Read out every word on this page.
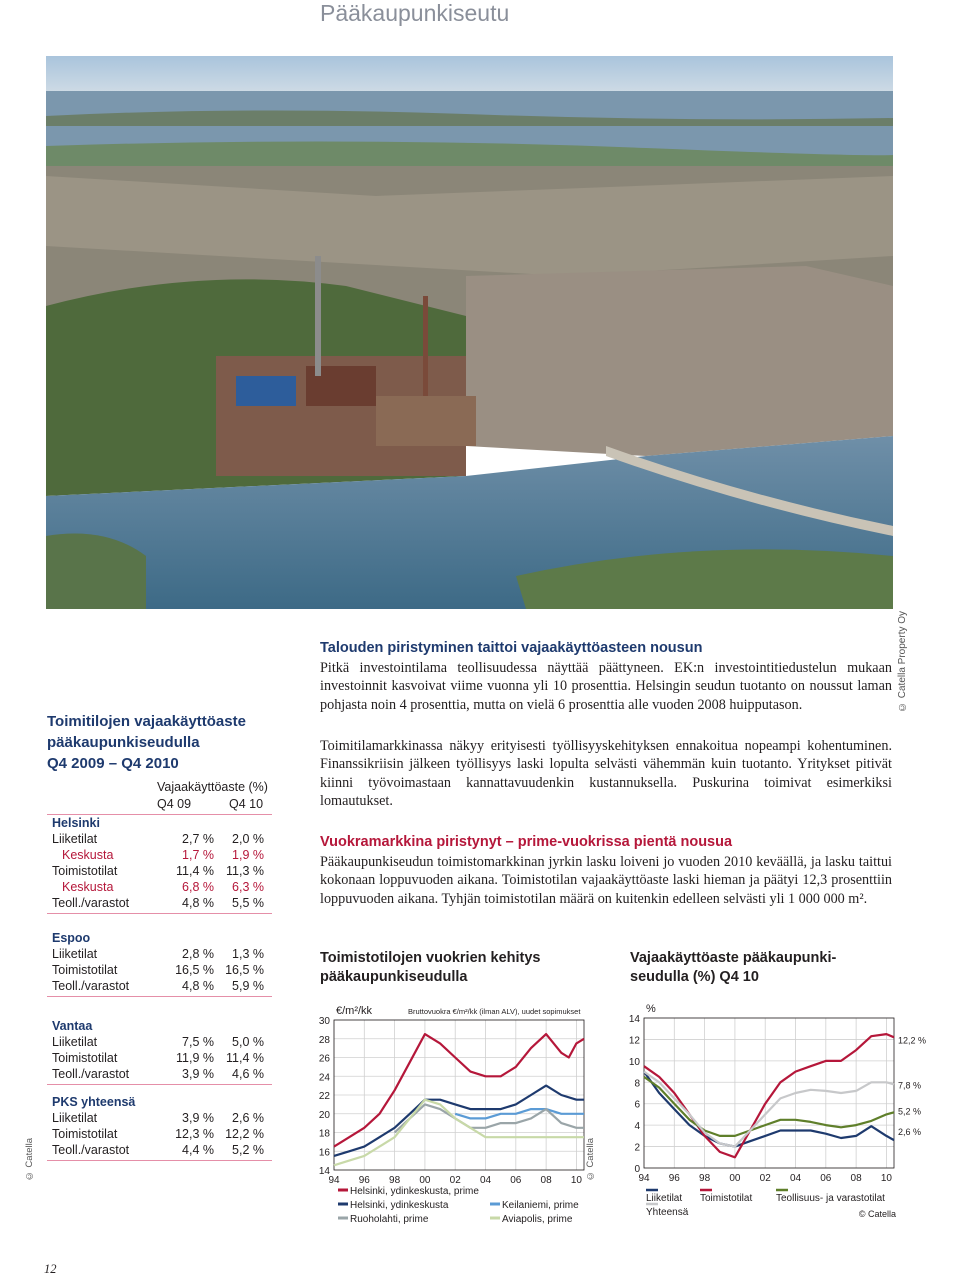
Pääkaupunkiseutu
© Catella Property Oy
Toimitilojen vajaakäyttöaste
pääkaupunkiseudulla
Q4 2009 – Q4 2010
Vajaakäyttöaste (%)
Q4 09	Q4 10
Helsinki
Liiketilat	2,7 % 2,0 %
Keskusta	1,7 % 1,9 %
Toimistotilat	11,4 % 11,3 %
Keskusta	6,8 % 6,3 %
Teoll./varastot	4,8 % 5,5 %
Espoo
Liiketilat	2,8 % 1,3 %
Toimistotilat	16,5 % 16,5 %
Teoll./varastot	4,8 % 5,9 %
Vantaa
Liiketilat	7,5 % 5,0 %
Toimistotilat	11,9 % 11,4 %
Teoll./varastot	3,9 % 4,6 %
PKS yhteensä
Liiketilat	3,9 % 2,6 %
Toimistotilat	12,3 % 12,2 %
Teoll./varastot	4,4 % 5,2 %
© Catella
Talouden piristyminen taittoi vajaakäyttöasteen nousun
Pitkä investointilama teollisuudessa näyttää päättyneen. EK:n investointitiedustelun mukaan investoinnit kasvoivat viime vuonna yli 10 prosenttia. Helsingin seudun tuotanto on noussut laman pohjasta noin 4 prosenttia, mutta on vielä 6 prosenttia alle vuoden 2008 huipputason.
Toimitilamarkkinassa näkyy erityisesti työllisyyskehityksen ennakoitua nopeampi kohentuminen. Finanssikriisin jälkeen työllisyys laski lopulta selvästi vähemmän kuin tuotanto. Yritykset pitivät kiinni työvoimastaan kannattavuudenkin kustannuksella. Puskurina toimivat esimerkiksi lomautukset.
Vuokramarkkina piristynyt – prime-vuokrissa pientä nousua
Pääkaupunkiseudun toimistomarkkinan jyrkin lasku loiveni jo vuoden 2010 keväällä, ja lasku taittui kokonaan loppuvuoden aikana. Toimistotilan vajaakäyttöaste laski hieman ja päätyi 12,3 prosenttiin loppuvuoden aikana. Tyhjän toimistotilan määrä on kuitenkin edelleen selvästi yli 1 000 000 m².
Toimistotilojen vuokrien kehitys
pääkaupunkiseudulla
30
28
26
24
22
20
18
16
14
94 96 98 00 02 04 06 08 10
€/m²/kk	Bruttovuokra €/m²/kk (ilman ALV), uudet sopimukset
Helsinki, ydinkeskusta, prime
Helsinki, ydinkeskusta
Ruoholahti, prime
Keilaniemi, prime
Aviapolis, prime
© Catella
Vajaakäyttöaste pääkaupunki-
seudulla (%) Q4 10
14
12
10
8
6
4
2
0
94 96 98 00 02 04 06 08 10
%
12,2 %
7,8 %
5,2 %
2,6 %
Liiketilat Toimistotilat Teollisuus- ja varastotilat
Yhteensä	© Catella
12
